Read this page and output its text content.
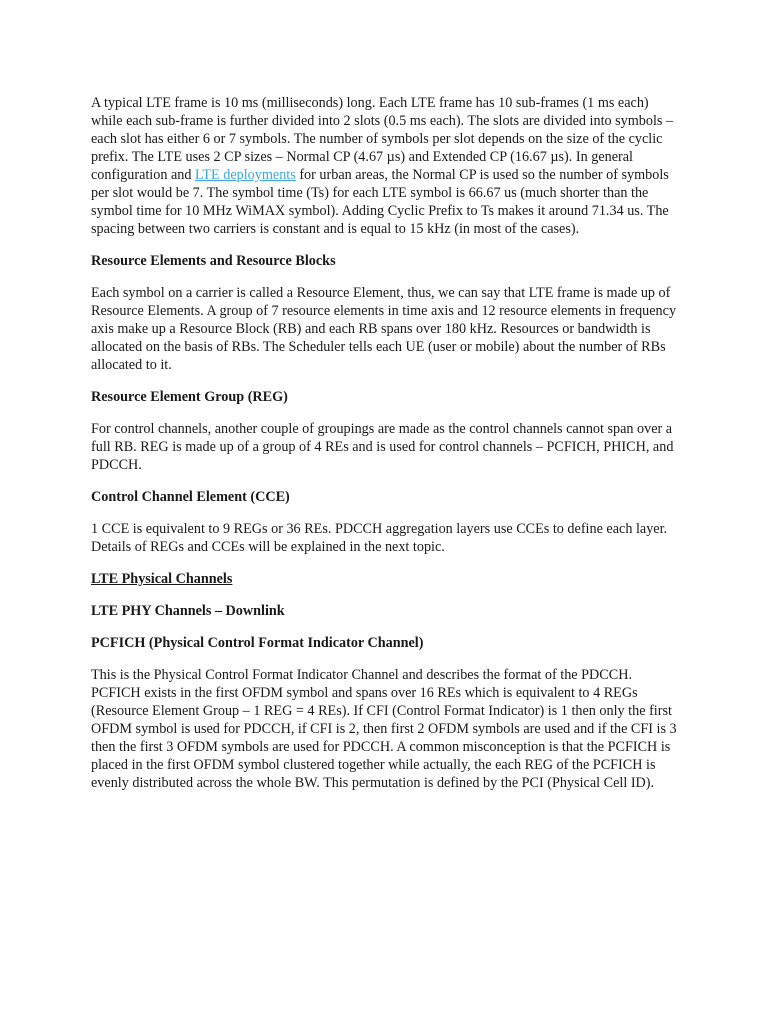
A typical LTE frame is 10 ms (milliseconds) long. Each LTE frame has 10 sub-frames (1 ms each) while each sub-frame is further divided into 2 slots (0.5 ms each). The slots are divided into symbols – each slot has either 6 or 7 symbols. The number of symbols per slot depends on the size of the cyclic prefix. The LTE uses 2 CP sizes – Normal CP (4.67 µs) and Extended CP (16.67 µs). In general configuration and LTE deployments for urban areas, the Normal CP is used so the number of symbols per slot would be 7. The symbol time (Ts) for each LTE symbol is 66.67 us (much shorter than the symbol time for 10 MHz WiMAX symbol). Adding Cyclic Prefix to Ts makes it around 71.34 us. The spacing between two carriers is constant and is equal to 15 kHz (in most of the cases).

Resource Elements and Resource Blocks

Each symbol on a carrier is called a Resource Element, thus, we can say that LTE frame is made up of Resource Elements. A group of 7 resource elements in time axis and 12 resource elements in frequency axis make up a Resource Block (RB) and each RB spans over 180 kHz. Resources or bandwidth is allocated on the basis of RBs. The Scheduler tells each UE (user or mobile) about the number of RBs allocated to it.

Resource Element Group (REG)

For control channels, another couple of groupings are made as the control channels cannot span over a full RB. REG is made up of a group of 4 REs and is used for control channels – PCFICH, PHICH, and PDCCH.

Control Channel Element (CCE)

1 CCE is equivalent to 9 REGs or 36 REs. PDCCH aggregation layers use CCEs to define each layer. Details of REGs and CCEs will be explained in the next topic.

LTE Physical Channels
LTE PHY Channels – Downlink
PCFICH (Physical Control Format Indicator Channel)

This is the Physical Control Format Indicator Channel and describes the format of the PDCCH. PCFICH exists in the first OFDM symbol and spans over 16 REs which is equivalent to 4 REGs (Resource Element Group – 1 REG = 4 REs). If CFI (Control Format Indicator) is 1 then only the first OFDM symbol is used for PDCCH, if CFI is 2, then first 2 OFDM symbols are used and if the CFI is 3 then the first 3 OFDM symbols are used for PDCCH. A common misconception is that the PCFICH is placed in the first OFDM symbol clustered together while actually, the each REG of the PCFICH is evenly distributed across the whole BW. This permutation is defined by the PCI (Physical Cell ID).
